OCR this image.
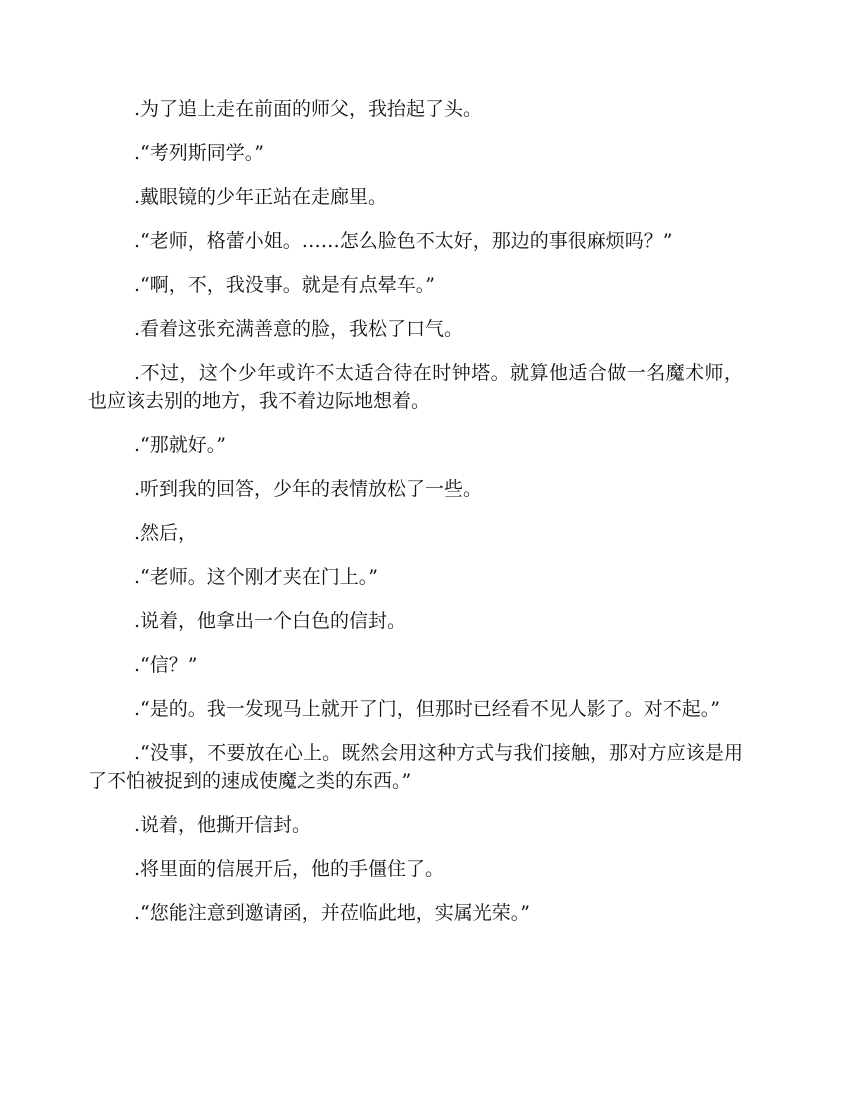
.为了追上走在前面的师父，我抬起了头。

.“考列斯同学。”

.戴眼镜的少年正站在走廊里。

.“老师，格蕾小姐。……怎么脸色不太好，那边的事很麻烦吗？”

.“啊，不，我没事。就是有点晕车。”

.看着这张充满善意的脸，我松了口气。

.不过，这个少年或许不太适合待在时钟塔。就算他适合做一名魔术师，也应该去别的地方，我不着边际地想着。

.“那就好。”

.听到我的回答，少年的表情放松了一些。

.然后，

.“老师。这个刚才夹在门上。”

.说着，他拿出一个白色的信封。

.“信？”

.“是的。我一发现马上就开了门，但那时已经看不见人影了。对不起。”

.“没事，不要放在心上。既然会用这种方式与我们接触，那对方应该是用了不怕被捉到的速成使魔之类的东西。”

.说着，他撕开信封。

.将里面的信展开后，他的手僵住了。

.“您能注意到邀请函，并莅临此地，实属光荣。”
